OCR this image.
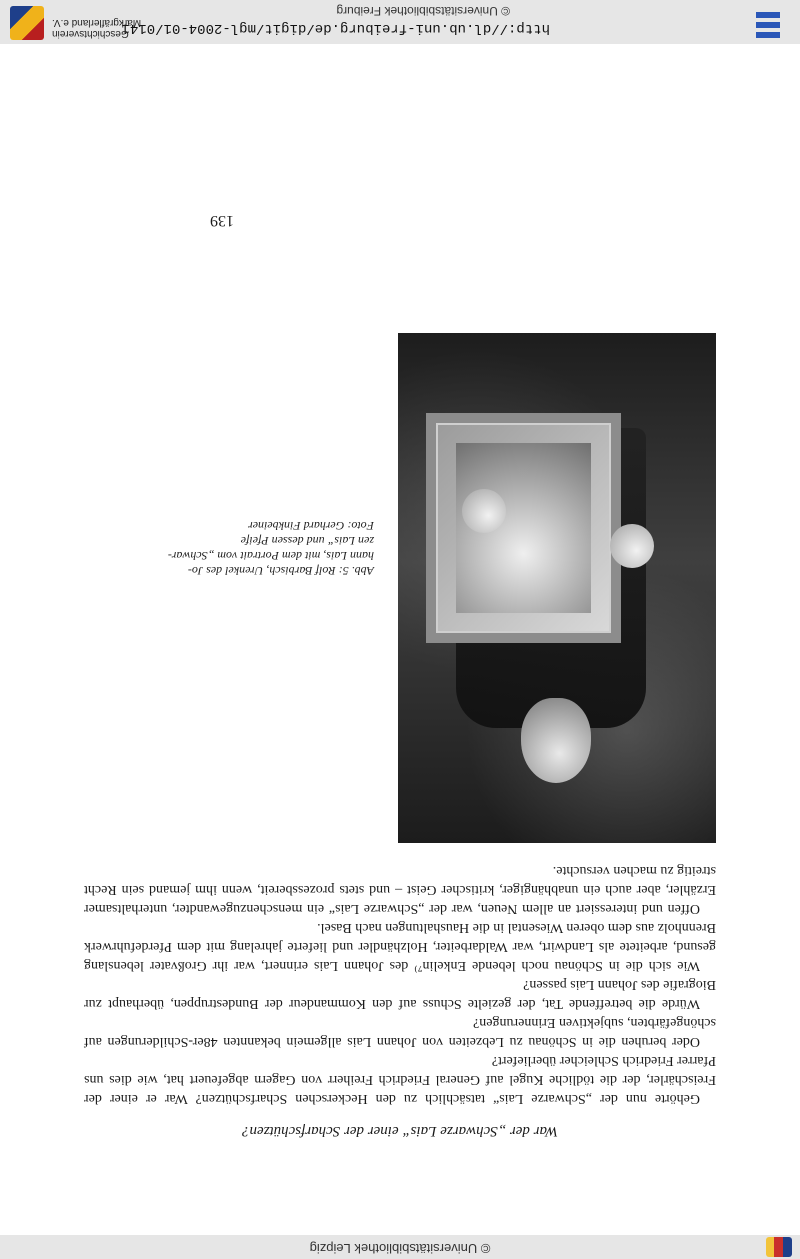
http://dl.ub.uni-freiburg.de/digit/mgl-2004-01/0141
© Universitätsbibliothek Freiburg
Geschichtsverein
Markgräflerland e.V.
© Universitätsbibliothek Leipzig
War der „Schwarze Lais“ einer der Scharfschützen?

Gehörte nun der „Schwarze Lais“ tatsächlich zu den Heckerschen Scharfschützen? War er einer der Freischärler, der die tödliche Kugel auf General Friedrich Freiherr von Gagern abgefeuert hat, wie dies uns Pfarrer Friedrich Schleicher überliefert?

Oder beruhen die in Schönau zu Lebzeiten von Johann Lais allgemein bekannten 48er-Schilderungen auf schöngefärbten, subjektiven Erinnerungen?

Würde die betreffende Tat, der gezielte Schuss auf den Kommandeur der Bundestruppen, überhaupt zur Biografie des Johann Lais passen?

Wie sich die in Schönau noch lebende Enkelin⁷⁾ des Johann Lais erinnert, war ihr Großvater lebenslang gesund, arbeitete als Landwirt, war Waldarbeiter, Holzhändler und lieferte jahrelang mit dem Pferdefuhrwerk Brennholz aus dem oberen Wiesental in die Haushaltungen nach Basel.

Offen und interessiert an allem Neuen, war der „Schwarze Lais“ ein menschenzugewandter, unterhaltsamer Erzähler, aber auch ein unabhängiger, kritischer Geist – und stets prozessbereit, wenn ihm jemand sein Recht streitig zu machen versuchte.

Abb. 5: Rolf Barbisch, Urenkel des Jo-
hann Lais, mit dem Portrait vom „Schwar-
zen Lais“ und dessen Pfeife
Foto: Gerhard Finkbeiner
139
